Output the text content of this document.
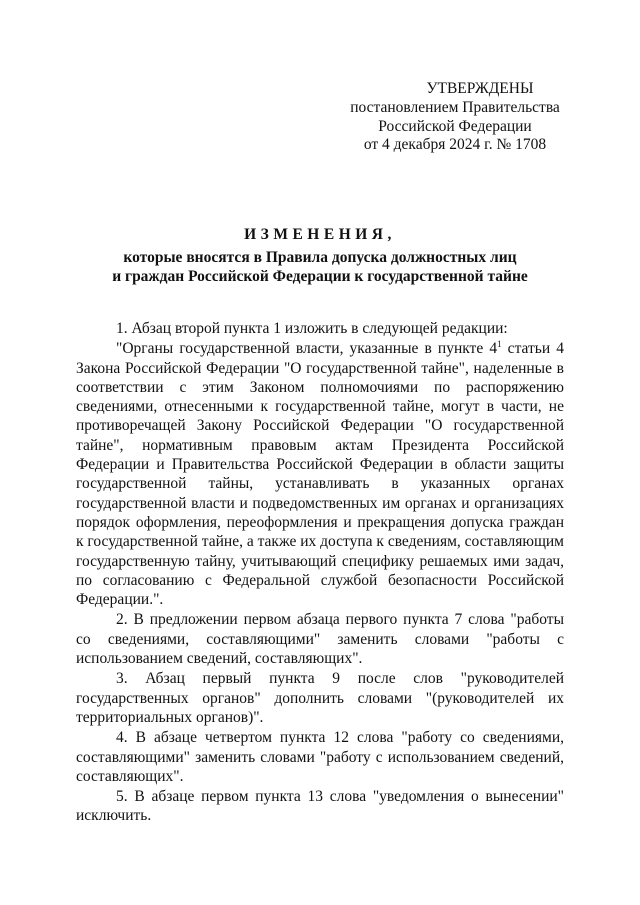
УТВЕРЖДЕНЫ
постановлением Правительства
Российской Федерации
от 4 декабря 2024 г. № 1708
ИЗМЕНЕНИЯ,
которые вносятся в Правила допуска должностных лиц
и граждан Российской Федерации к государственной тайне

1. Абзац второй пункта 1 изложить в следующей редакции:

"Органы государственной власти, указанные в пункте $4^1$ статьи 4 Закона Российской Федерации "О государственной тайне", наделенные в соответствии с этим Законом полномочиями по распоряжению сведениями, отнесенными к государственной тайне, могут в части, не противоречащей Закону Российской Федерации "О государственной тайне", нормативным правовым актам Президента Российской Федерации и Правительства Российской Федерации в области защиты государственной тайны, устанавливать в указанных органах государственной власти и подведомственных им органах и организациях порядок оформления, переоформления и прекращения допуска граждан к государственной тайне, а также их доступа к сведениям, составляющим государственную тайну, учитывающий специфику решаемых ими задач, по согласованию с Федеральной службой безопасности Российской Федерации.".

2. В предложении первом абзаца первого пункта 7 слова "работы со сведениями, составляющими" заменить словами "работы с использованием сведений, составляющих".

3. Абзац первый пункта 9 после слов "руководителей государственных органов" дополнить словами "(руководителей их территориальных органов)".

4. В абзаце четвертом пункта 12 слова "работу со сведениями, составляющими" заменить словами "работу с использованием сведений, составляющих".

5. В абзаце первом пункта 13 слова "уведомления о вынесении" исключить.
